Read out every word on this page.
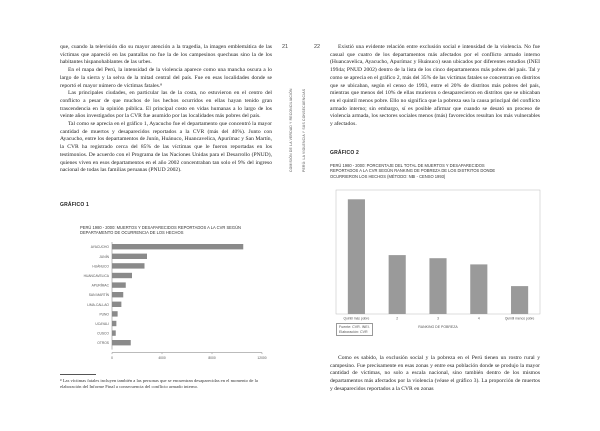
21
COMISIÓN DE LA VERDAD Y RECONCILIACIÓN

que, cuando la televisión dio su mayor atención a la tragedia, la imagen emblemática de las víctimas que apareció en las pantallas no fue la de los campesinos quechuas sino la de los habitantes hispanohablantes de las urbes.

En el mapa del Perú, la intensidad de la violencia aparece como una mancha oscura a lo largo de la sierra y la selva de la mitad central del país. Fue en esas localidades donde se reportó el mayor número de víctimas fatales.⁸

Las principales ciudades, en particular las de la costa, no estuvieron en el centro del conflicto a pesar de que muchos de los hechos ocurridos en ellas hayan tenido gran trascendencia en la opinión pública. El principal costo en vidas humanas a lo largo de los veinte años investigados por la CVR fue asumido por las localidades más pobres del país.

Tal como se aprecia en el gráfico 1, Ayacucho fue el departamento que concentró la mayor cantidad de muertos y desaparecidos reportados a la CVR (más del 40%). Junto con Ayacucho, entre los departamentos de Junín, Huánuco, Huancavelica, Apurímac y San Martín, la CVR ha registrado cerca del 85% de las víctimas que le fueron reportadas en los testimonios. De acuerdo con el Programa de las Naciones Unidas para el Desarrollo (PNUD), quienes viven en esos departamentos en el año 2002 concentraban tan solo el 9% del ingreso nacional de todas las familias peruanas (PNUD 2002).

GRÁFICO 1
PERÚ 1980 - 2000: MUERTOS Y DESAPARECIDOS REPORTADOS A LA CVR SEGÚN DEPARTAMENTO DE OCURRENCIA DE LOS HECHOS
AYACUCHO
JUNÍN
HUÁNUCO
HUANCAVELICA
APURÍMAC
SAN MARTÍN
LIMA-CALLAO
PUNO
UCAYALI
CUSCO
OTROS
0	4000	8000	12000
⁸ Las víctimas fatales incluyen también a las personas que se encuentran desaparecidas en el momento de la elaboración del Informe Final a consecuencia del conflicto armado interno.
22
PERÚ: LA VIOLENCIA Y SUS CONSECUENCIAS

Existió una evidente relación entre exclusión social e intensidad de la violencia. No fue casual que cuatro de los departamentos más afectados por el conflicto armado interno (Huancavelica, Ayacucho, Apurímac y Huánuco) sean ubicados por diferentes estudios (INEI 1994a; PNUD 2002) dentro de la lista de los cinco departamentos más pobres del país. Tal y como se aprecia en el gráfico 2, más del 35% de las víctimas fatales se concentran en distritos que se ubicaban, según el censo de 1993, entre el 20% de distritos más pobres del país, mientras que menos del 10% de ellas murieron o desaparecieron en distritos que se ubicaban en el quintil menos pobre. Ello no significa que la pobreza sea la causa principal del conflicto armado interno; sin embargo, sí es posible afirmar que cuando se desató un proceso de violencia armada, los sectores sociales menos (más) favorecidos resultan los más vulnerables y afectados.

GRÁFICO 2
PERÚ 1980 - 2000: PORCENTAJE DEL TOTAL DE MUERTOS Y DESAPARECIDOS REPORTADOS A LA CVR SEGÚN RANKING DE POBREZA DE LOS DISTRITOS DONDE OCURRIERON LOS HECHOS (MÉTODO: NBI - CENSO 1993)
Quintil más pobre	2	3	4	Quintil menos pobre
RANKING DE POBREZA
Fuente: CVR. INEI.
Elaboración: CVR

Como es sabido, la exclusión social y la pobreza en el Perú tienen un rostro rural y campesino. Fue precisamente en esas zonas y entre esa población donde se produjo la mayor cantidad de víctimas, no solo a escala nacional, sino también dentro de los mismos departamentos más afectados por la violencia (véase el gráfico 3). La proporción de muertos y desaparecidos reportados a la CVR en zonas
